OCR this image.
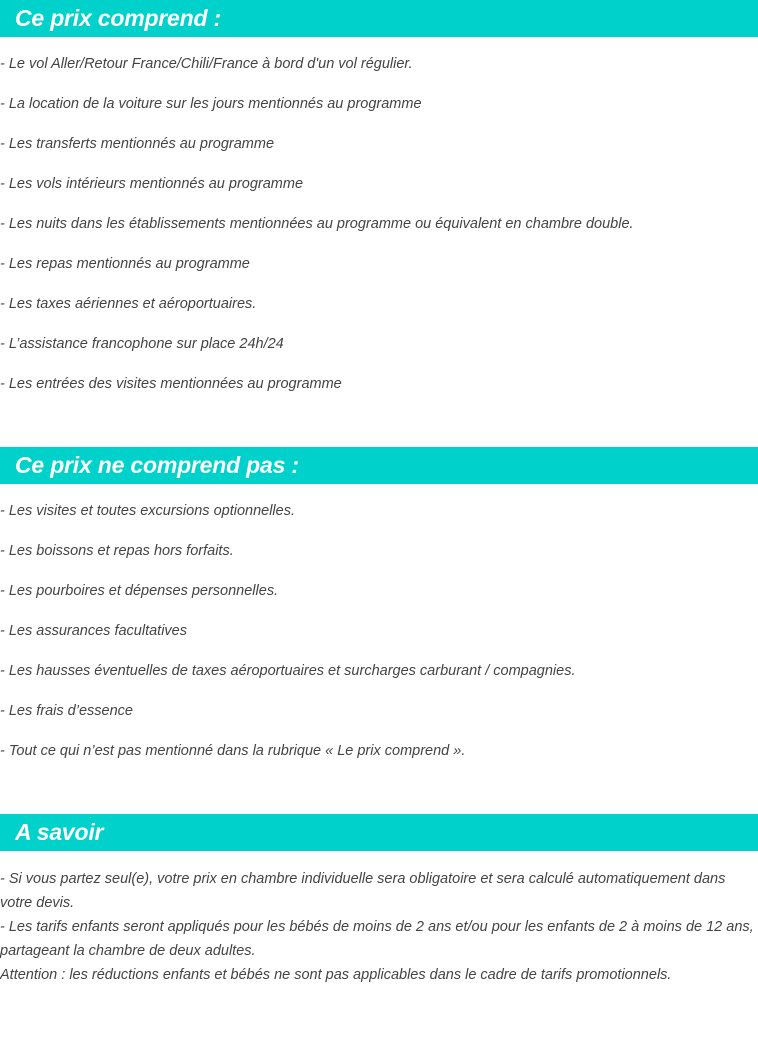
Ce prix comprend :
- Le vol Aller/Retour France/Chili/France à bord d'un vol régulier.
- La location de la voiture sur les jours mentionnés au programme
- Les transferts mentionnés au programme
- Les vols intérieurs mentionnés au programme
- Les nuits dans les établissements mentionnées au programme ou équivalent en chambre double.
- Les repas mentionnés au programme
- Les taxes aériennes et aéroportuaires.
- L’assistance francophone sur place 24h/24
- Les entrées des visites mentionnées au programme
Ce prix ne comprend pas :
- Les visites et toutes excursions optionnelles.
- Les boissons et repas hors forfaits.
- Les pourboires et dépenses personnelles.
- Les assurances facultatives
- Les hausses éventuelles de taxes aéroportuaires et surcharges carburant / compagnies.
- Les frais d’essence
- Tout ce qui n’est pas mentionné dans la rubrique « Le prix comprend ».
A savoir

- Si vous partez seul(e), votre prix en chambre individuelle sera obligatoire et sera calculé automatiquement dans votre devis.

- Les tarifs enfants seront appliqués pour les bébés de moins de 2 ans et/ou pour les enfants de 2 à moins de 12 ans, partageant la chambre de deux adultes.

Attention : les réductions enfants et bébés ne sont pas applicables dans le cadre de tarifs promotionnels.
